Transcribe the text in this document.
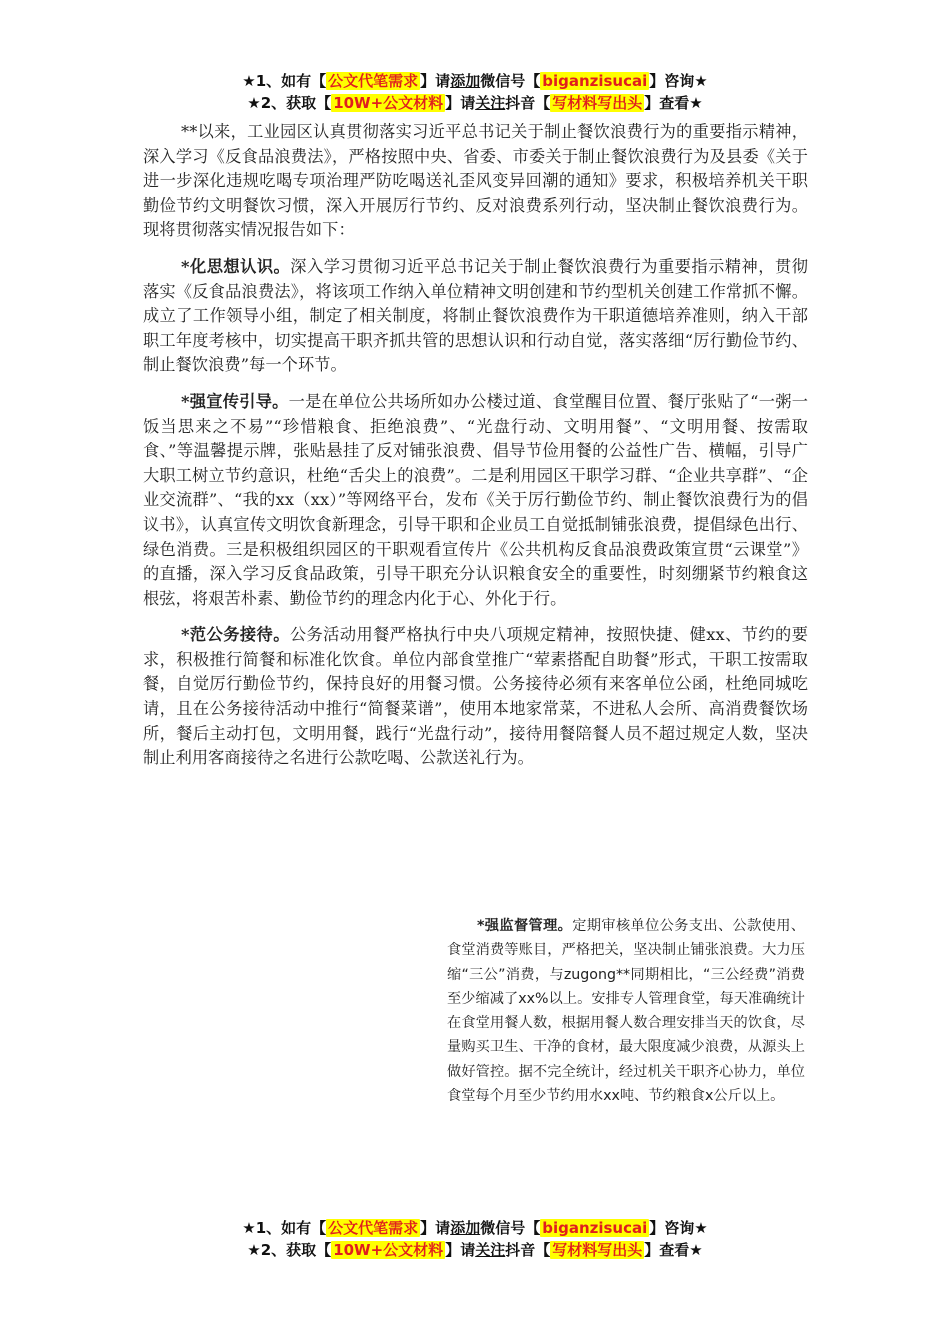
★1、如有【 公文代笔需求 】请添加微信号【 biganzisucai 】咨询★
★2、获取【 10W+公文材料 】请关注抖音【 写材料写出头 】查看★

**以来，工业园区认真贯彻落实习近平总书记关于制止餐饮浪费行为的重要指示精神，深入学习《反食品浪费法》，严格按照中央、省委、市委关于制止餐饮浪费行为及县委《关于进一步深化违规吃喝专项治理严防吃喝送礼歪风变异回潮的通知》要求，积极培养机关干职勤俭节约文明餐饮习惯，深入开展厉行节约、反对浪费系列行动，坚决制止餐饮浪费行为。现将贯彻落实情况报告如下：

*化思想认识。深入学习贯彻习近平总书记关于制止餐饮浪费行为重要指示精神，贯彻落实《反食品浪费法》，将该项工作纳入单位精神文明创建和节约型机关创建工作常抓不懈。成立了工作领导小组，制定了相关制度，将制止餐饮浪费作为干职道德培养准则，纳入干部职工年度考核中，切实提高干职齐抓共管的思想认识和行动自觉，落实落细“厉行勤俭节约、制止餐饮浪费”每一个环节。

*强宣传引导。一是在单位公共场所如办公楼过道、食堂醒目位置、餐厅张贴了“一粥一饭当思来之不易”“珍惜粮食、拒绝浪费”、“光盘行动、文明用餐”、“文明用餐、按需取食、”等温馨提示牌，张贴悬挂了反对铺张浪费、倡导节俭用餐的公益性广告、横幅，引导广大职工树立节约意识，杜绝“舌尖上的浪费”。二是利用园区干职学习群、“企业共享群”、“企业交流群”、“我的xx（xx）”等网络平台，发布《关于厉行勤俭节约、制止餐饮浪费行为的倡议书》，认真宣传文明饮食新理念，引导干职和企业员工自觉抵制铺张浪费，提倡绿色出行、绿色消费。三是积极组织园区的干职观看宣传片《公共机构反食品浪费政策宣贯“云课堂”》的直播，深入学习反食品政策，引导干职充分认识粮食安全的重要性，时刻绷紧节约粮食这根弦，将艰苦朴素、勤俭节约的理念内化于心、外化于行。

*范公务接待。公务活动用餐严格执行中央八项规定精神，按照快捷、健xx、节约的要求，积极推行简餐和标准化饮食。单位内部食堂推广“荤素搭配自助餐”形式，干职工按需取餐，自觉厉行勤俭节约，保持良好的用餐习惯。公务接待必须有来客单位公函，杜绝同城吃请，且在公务接待活动中推行“简餐菜谱”，使用本地家常菜，不进私人会所、高消费餐饮场所，餐后主动打包，文明用餐，践行“光盘行动”，接待用餐陪餐人员不超过规定人数，坚决制止利用客商接待之名进行公款吃喝、公款送礼行为。

*强监督管理。定期审核单位公务支出、公款使用、食堂消费等账目，严格把关，坚决制止铺张浪费。大力压缩“三公”消费，与zugong**同期相比，“三公经费”消费至少缩减了xx%以上。安排专人管理食堂，每天准确统计在食堂用餐人数，根据用餐人数合理安排当天的饮食，尽量购买卫生、干净的食材，最大限度减少浪费，从源头上做好管控。据不完全统计，经过机关干职齐心协力，单位食堂每个月至少节约用水xx吨、节约粮食x公斤以上。

★1、如有【 公文代笔需求 】请添加微信号【 biganzisucai 】咨询★
★2、获取【 10W+公文材料 】请关注抖音【 写材料写出头 】查看★
